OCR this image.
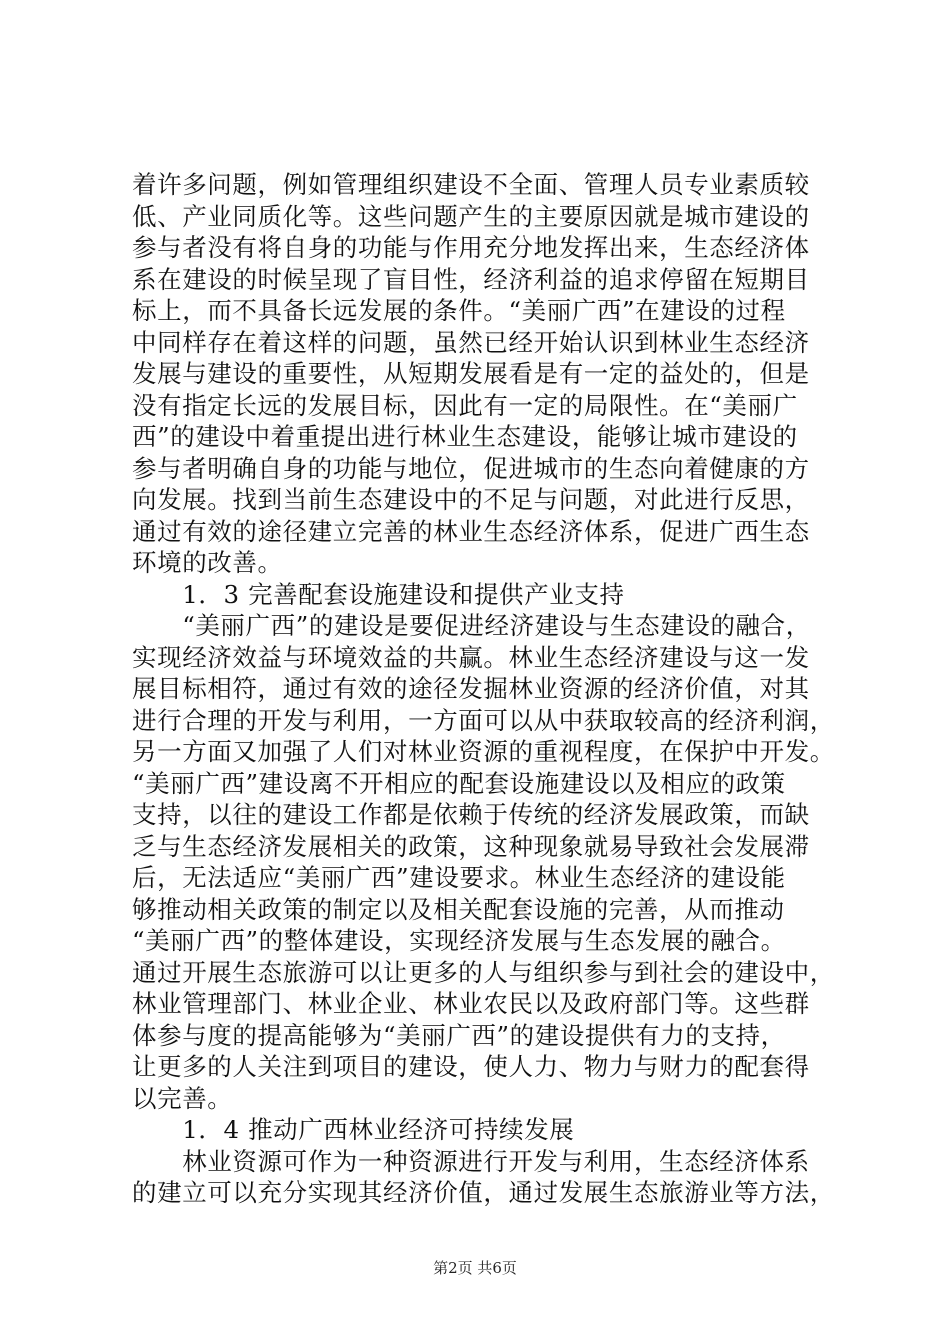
着许多问题，例如管理组织建设不全面、管理人员专业素质较
低、产业同质化等。这些问题产生的主要原因就是城市建设的
参与者没有将自身的功能与作用充分地发挥出来，生态经济体
系在建设的时候呈现了盲目性，经济利益的追求停留在短期目
标上，而不具备长远发展的条件。“美丽广西”在建设的过程
中同样存在着这样的问题，虽然已经开始认识到林业生态经济
发展与建设的重要性，从短期发展看是有一定的益处的，但是
没有指定长远的发展目标，因此有一定的局限性。在“美丽广
西”的建设中着重提出进行林业生态建设，能够让城市建设的
参与者明确自身的功能与地位，促进城市的生态向着健康的方
向发展。找到当前生态建设中的不足与问题，对此进行反思，
通过有效的途径建立完善的林业生态经济体系，促进广西生态
环境的改善。
　　1．3 完善配套设施建设和提供产业支持
　　“美丽广西”的建设是要促进经济建设与生态建设的融合，
实现经济效益与环境效益的共赢。林业生态经济建设与这一发
展目标相符，通过有效的途径发掘林业资源的经济价值，对其
进行合理的开发与利用，一方面可以从中获取较高的经济利润，
另一方面又加强了人们对林业资源的重视程度，在保护中开发。
“美丽广西”建设离不开相应的配套设施建设以及相应的政策
支持，以往的建设工作都是依赖于传统的经济发展政策，而缺
乏与生态经济发展相关的政策，这种现象就易导致社会发展滞
后，无法适应“美丽广西”建设要求。林业生态经济的建设能
够推动相关政策的制定以及相关配套设施的完善，从而推动
“美丽广西”的整体建设，实现经济发展与生态发展的融合。
通过开展生态旅游可以让更多的人与组织参与到社会的建设中，
林业管理部门、林业企业、林业农民以及政府部门等。这些群
体参与度的提高能够为“美丽广西”的建设提供有力的支持，
让更多的人关注到项目的建设，使人力、物力与财力的配套得
以完善。
　　1．4 推动广西林业经济可持续发展
　　林业资源可作为一种资源进行开发与利用，生态经济体系
的建立可以充分实现其经济价值，通过发展生态旅游业等方法，
第2页 共6页
